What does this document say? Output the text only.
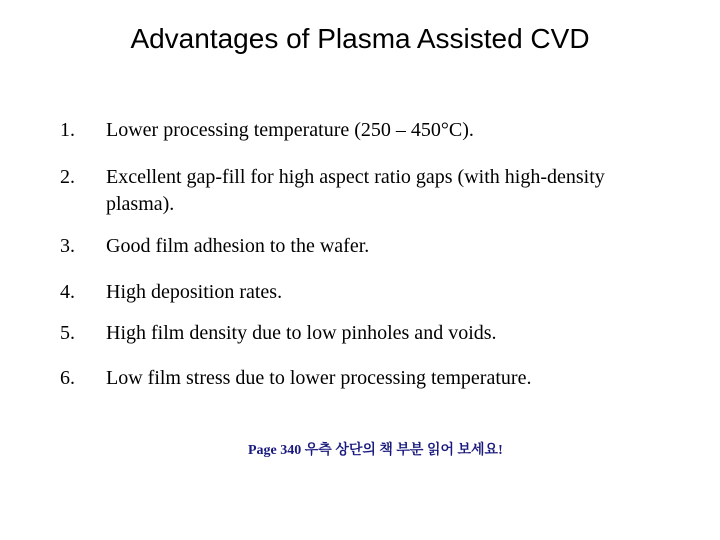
Advantages of Plasma Assisted CVD
1. Lower processing temperature (250 – 450°C).
2. Excellent gap-fill for high aspect ratio gaps (with high-density plasma).
3. Good film adhesion to the wafer.
4. High deposition rates.
5. High film density due to low pinholes and voids.
6. Low film stress due to lower processing temperature.
Page 340 우측 상단의 책 부분 읽어 보세요!
